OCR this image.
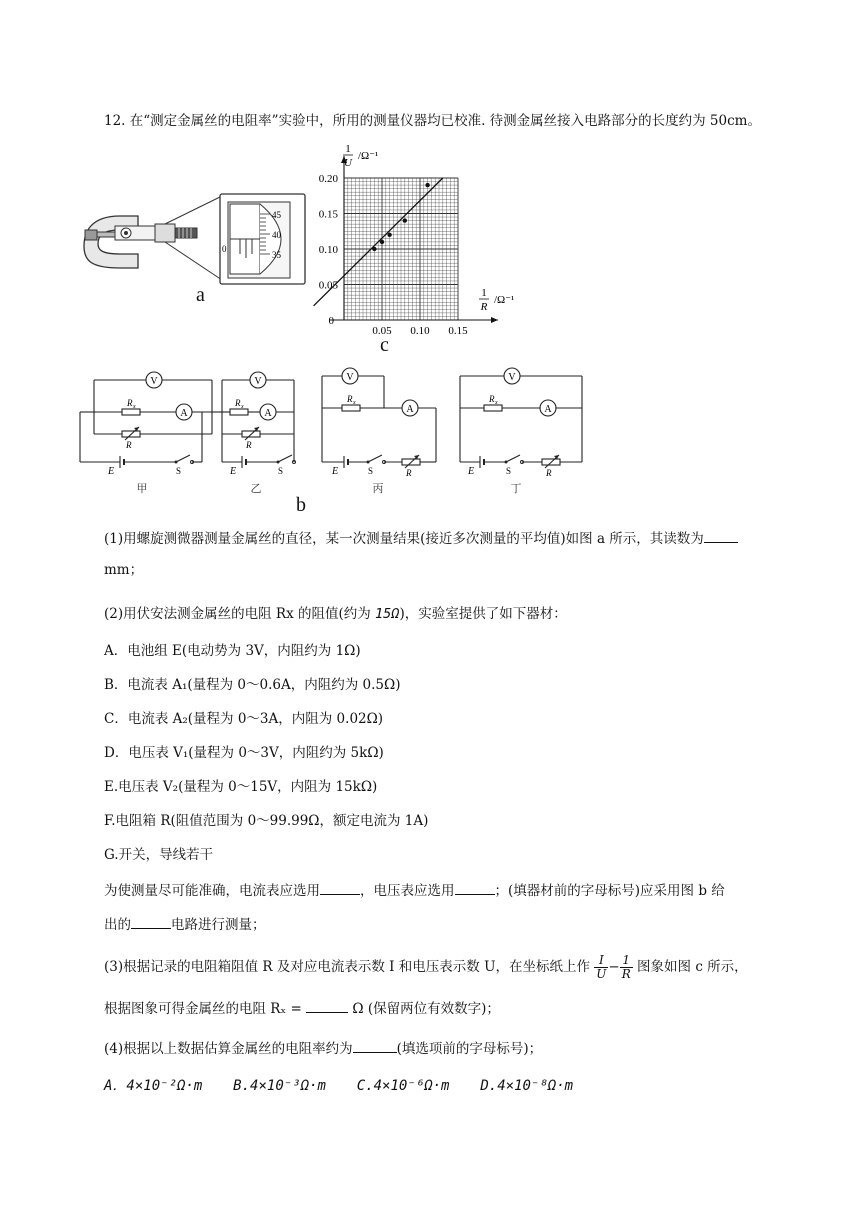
12. 在“测定金属丝的电阻率”实验中，所用的测量仪器均已校准. 待测金属丝接入电路部分的长度约为 50cm。
45
40
35
0
a
0.05 0.10 0.15
0.05
0.10
0.15
0.20
0
1
U
/Ω⁻¹
1
R
/Ω⁻¹
c
V
R x
R
A
E	S
甲
V
R x
A
R
E	S
乙
V
R x
A
E	S	R
丙
V
R x
A
E	S	R
丁
b
(1)用螺旋测微器测量金属丝的直径，某一次测量结果(接近多次测量的平均值)如图 a 所示，其读数为
mm；
(2)用伏安法测金属丝的电阻 Rx 的阻值(约为 15Ω)，实验室提供了如下器材：
A．电池组 E(电动势为 3V，内阻约为 1Ω)
B．电流表 A₁(量程为 0～0.6A，内阻约为 0.5Ω)
C．电流表 A₂(量程为 0～3A，内阻为 0.02Ω)
D．电压表 V₁(量程为 0～3V，内阻约为 5kΩ)
E.电压表 V₂(量程为 0～15V，内阻为 15kΩ)
F.电阻箱 R(阻值范围为 0～99.99Ω，额定电流为 1A)
G.开关，导线若干
为使测量尽可能准确，电流表应选用	，电压表应选用	；(填器材前的字母标号)应采用图 b 给
出的	电路进行测量；
(3)根据记录的电阻箱阻值 R 及对应电流表示数 I 和电压表示数 U，在坐标纸上作 $\frac{I}{U} - \frac{1}{R}$ 图象如图 c 所示，
根据图象可得金属丝的电阻 Rₓ =	Ω (保留两位有效数字)；
(4)根据以上数据估算金属丝的电阻率约为	(填选项前的字母标号)；
A．4×10⁻²Ω·m B.4×10⁻³Ω·m C.4×10⁻⁶Ω·m D.4×10⁻⁸Ω·m
